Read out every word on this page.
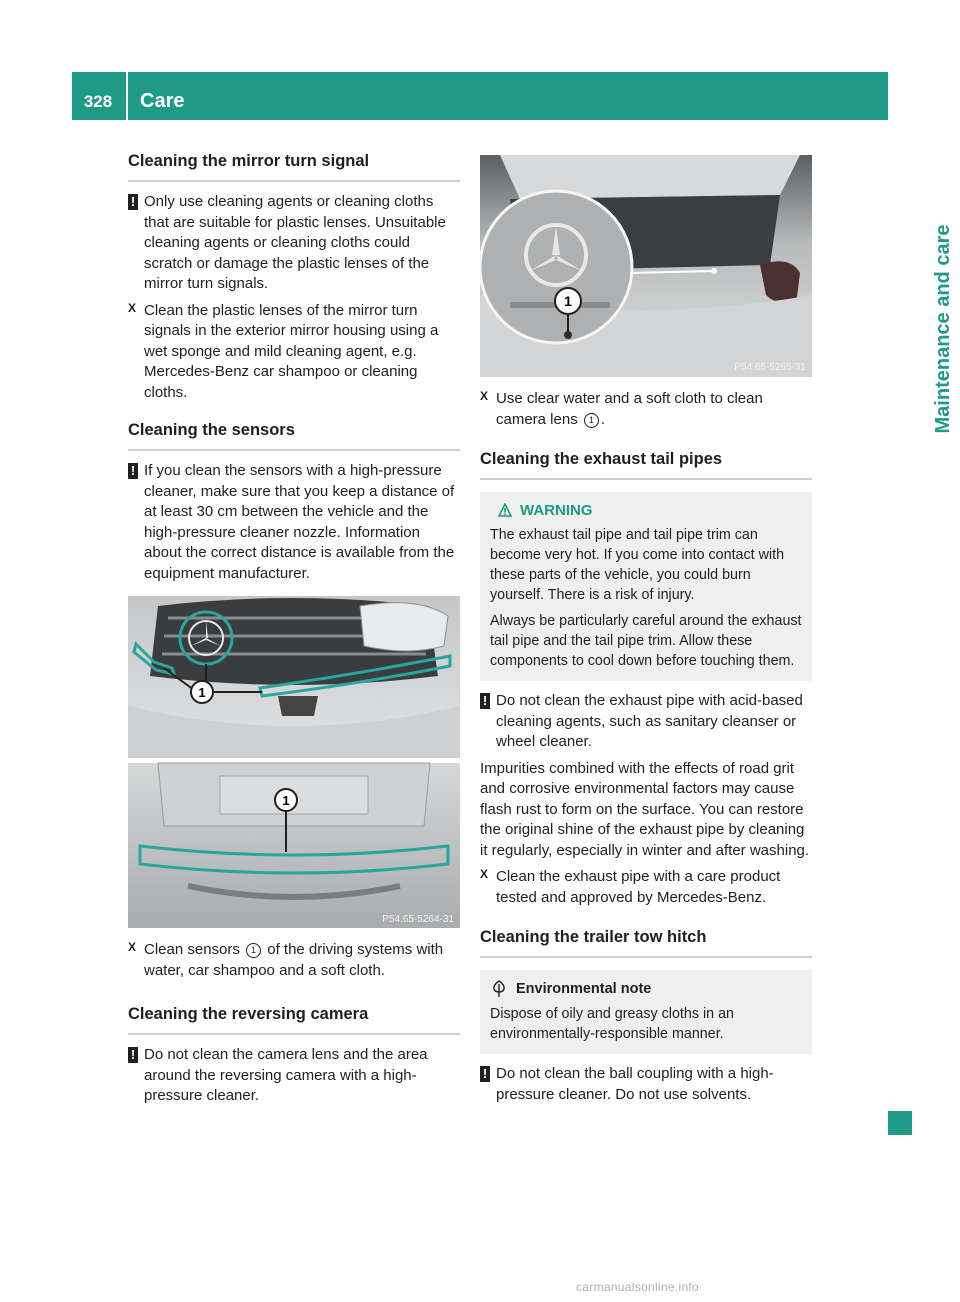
328	Care
Maintenance and care
Cleaning the mirror turn signal
! Only use cleaning agents or cleaning cloths that are suitable for plastic lenses. Unsuitable cleaning agents or cleaning cloths could scratch or damage the plastic lenses of the mirror turn signals.

X Clean the plastic lenses of the mirror turn signals in the exterior mirror housing using a wet sponge and mild cleaning agent, e.g. Mercedes-Benz car shampoo or cleaning cloths.

Cleaning the sensors
! If you clean the sensors with a high-pressure cleaner, make sure that you keep a distance of at least 30 cm between the vehicle and the high-pressure cleaner nozzle. Information about the correct distance is available from the equipment manufacturer.

1
1
P54.65-5264-31
X Clean sensors 1 of the driving systems with water, car shampoo and a soft cloth.

Cleaning the reversing camera
! Do not clean the camera lens and the area around the reversing camera with a high-pressure cleaner.

1
P54.65-5265-31
X Use clear water and a soft cloth to clean camera lens 1 .

Cleaning the exhaust tail pipes
WARNING

The exhaust tail pipe and tail pipe trim can become very hot. If you come into contact with these parts of the vehicle, you could burn yourself. There is a risk of injury.

Always be particularly careful around the exhaust tail pipe and the tail pipe trim. Allow these components to cool down before touching them.

! Do not clean the exhaust pipe with acid-based cleaning agents, such as sanitary cleanser or wheel cleaner.

Impurities combined with the effects of road grit and corrosive environmental factors may cause flash rust to form on the surface. You can restore the original shine of the exhaust pipe by cleaning it regularly, especially in winter and after washing.

X Clean the exhaust pipe with a care product tested and approved by Mercedes-Benz.

Cleaning the trailer tow hitch
Environmental note

Dispose of oily and greasy cloths in an environmentally-responsible manner.

! Do not clean the ball coupling with a high-pressure cleaner. Do not use solvents.

carmanualsonline.info
